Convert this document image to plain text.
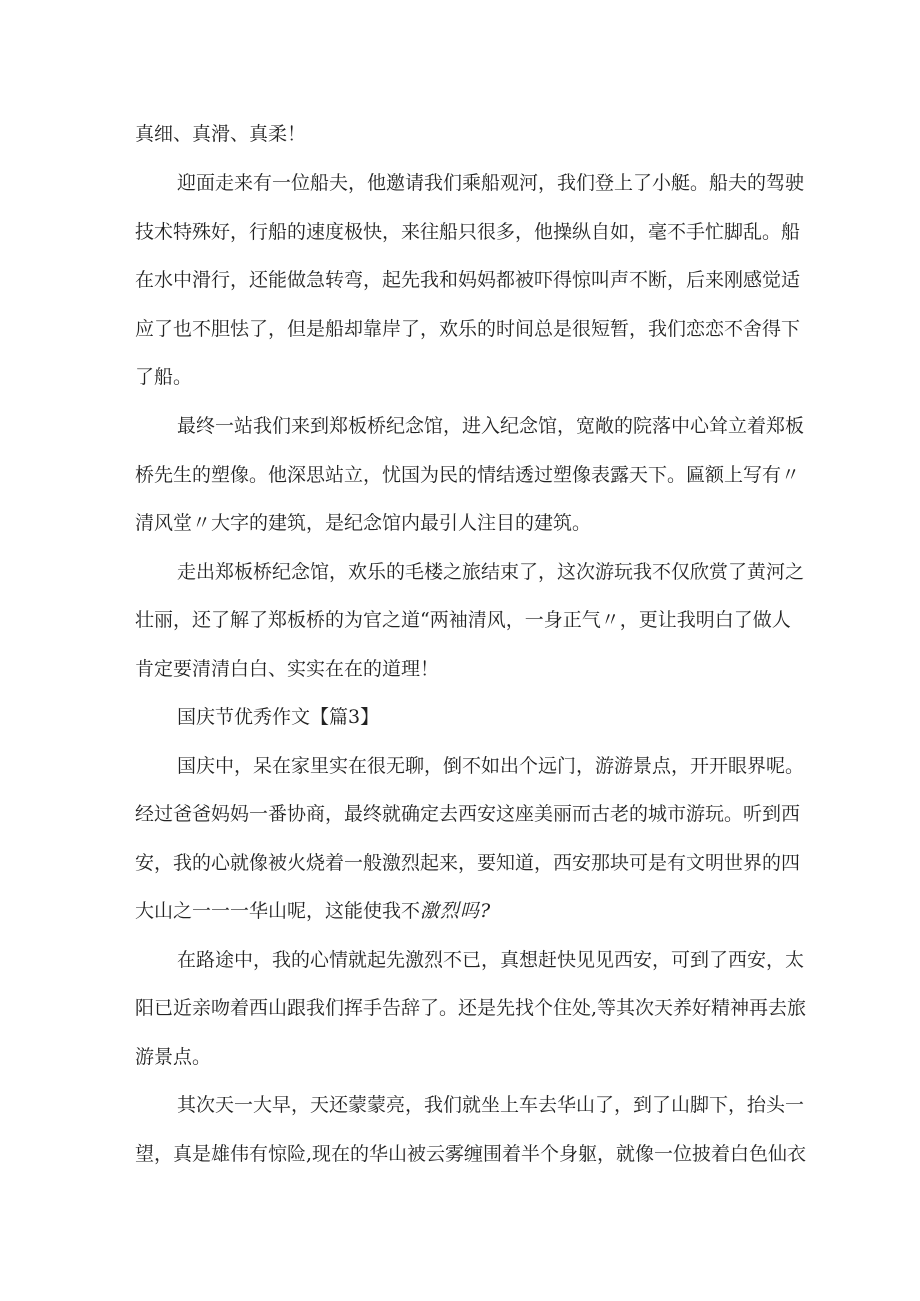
真细、真滑、真柔！

迎面走来有一位船夫，他邀请我们乘船观河，我们登上了小艇。船夫的驾驶

技术特殊好，行船的速度极快，来往船只很多，他操纵自如，毫不手忙脚乱。船

在水中滑行，还能做急转弯，起先我和妈妈都被吓得惊叫声不断，后来刚感觉适

应了也不胆怯了，但是船却靠岸了，欢乐的时间总是很短暂，我们恋恋不舍得下

了船。

最终一站我们来到郑板桥纪念馆，进入纪念馆，宽敞的院落中心耸立着郑板

桥先生的塑像。他深思站立，忧国为民的情结透过塑像表露天下。匾额上写有〃

清风堂〃大字的建筑，是纪念馆内最引人注目的建筑。

走出郑板桥纪念馆，欢乐的毛楼之旅结束了，这次游玩我不仅欣赏了黄河之

壮丽，还了解了郑板桥的为官之道“两袖清风，一身正气〃，更让我明白了做人

肯定要清清白白、实实在在的道理！

国庆节优秀作文【篇3】

国庆中，呆在家里实在很无聊，倒不如出个远门，游游景点，开开眼界呢。

经过爸爸妈妈一番协商，最终就确定去西安这座美丽而古老的城市游玩。听到西

安，我的心就像被火烧着一般激烈起来，要知道，西安那块可是有文明世界的四

大山之一一一华山呢，这能使我不激烈吗?

在路途中，我的心情就起先激烈不已，真想赶快见见西安，可到了西安，太

阳已近亲吻着西山跟我们挥手告辞了。还是先找个住处,等其次天养好精神再去旅

游景点。

其次天一大早，天还蒙蒙亮，我们就坐上车去华山了，到了山脚下，抬头一

望，真是雄伟有惊险,现在的华山被云雾缠围着半个身躯，就像一位披着白色仙衣
